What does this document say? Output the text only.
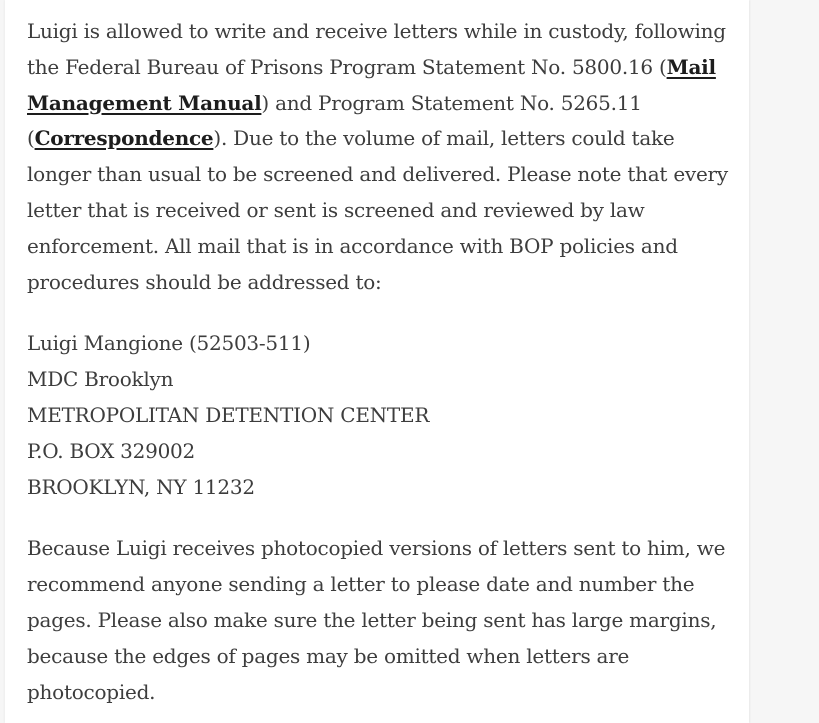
Luigi is allowed to write and receive letters while in custody, following the Federal Bureau of Prisons Program Statement No. 5800.16 (Mail Management Manual) and Program Statement No. 5265.11 (Correspondence). Due to the volume of mail, letters could take longer than usual to be screened and delivered. Please note that every letter that is received or sent is screened and reviewed by law enforcement. All mail that is in accordance with BOP policies and procedures should be addressed to:

Luigi Mangione (52503-511)
MDC Brooklyn
METROPOLITAN DETENTION CENTER
P.O. BOX 329002
BROOKLYN, NY 11232

Because Luigi receives photocopied versions of letters sent to him, we recommend anyone sending a letter to please date and number the pages. Please also make sure the letter being sent has large margins, because the edges of pages may be omitted when letters are photocopied.
